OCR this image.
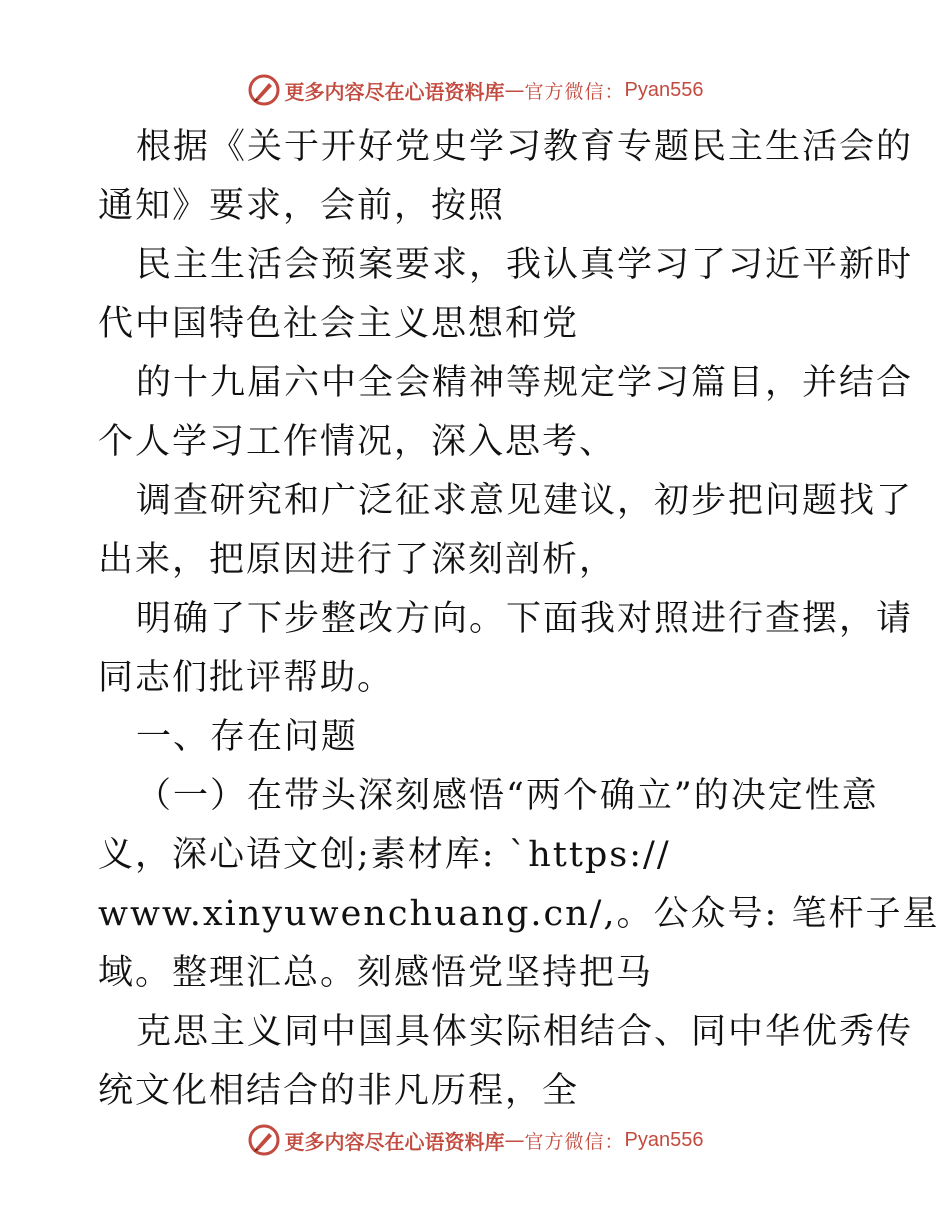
更多内容尽在心语资料库 — 官方微信： Pyan556
根据《关于开好党史学习教育专题民主生活会的
通知》要求，会前，按照
民主生活会预案要求，我认真学习了习近平新时
代中国特色社会主义思想和党
的十九届六中全会精神等规定学习篇目，并结合
个人学习工作情况，深入思考、
调查研究和广泛征求意见建议，初步把问题找了
出来，把原因进行了深刻剖析，
明确了下步整改方向。下面我对照进行查摆，请
同志们批评帮助。
一、存在问题
（一）在带头深刻感悟“两个确立”的决定性意
义，深心语文创;素材库: `https://
www.xinyuwenchuang.cn/,。公众号: 笔杆子星
域。整理汇总。刻感悟党坚持把马
克思主义同中国具体实际相结合、同中华优秀传
统文化相结合的非凡历程，全
更多内容尽在心语资料库 — 官方微信： Pyan556
